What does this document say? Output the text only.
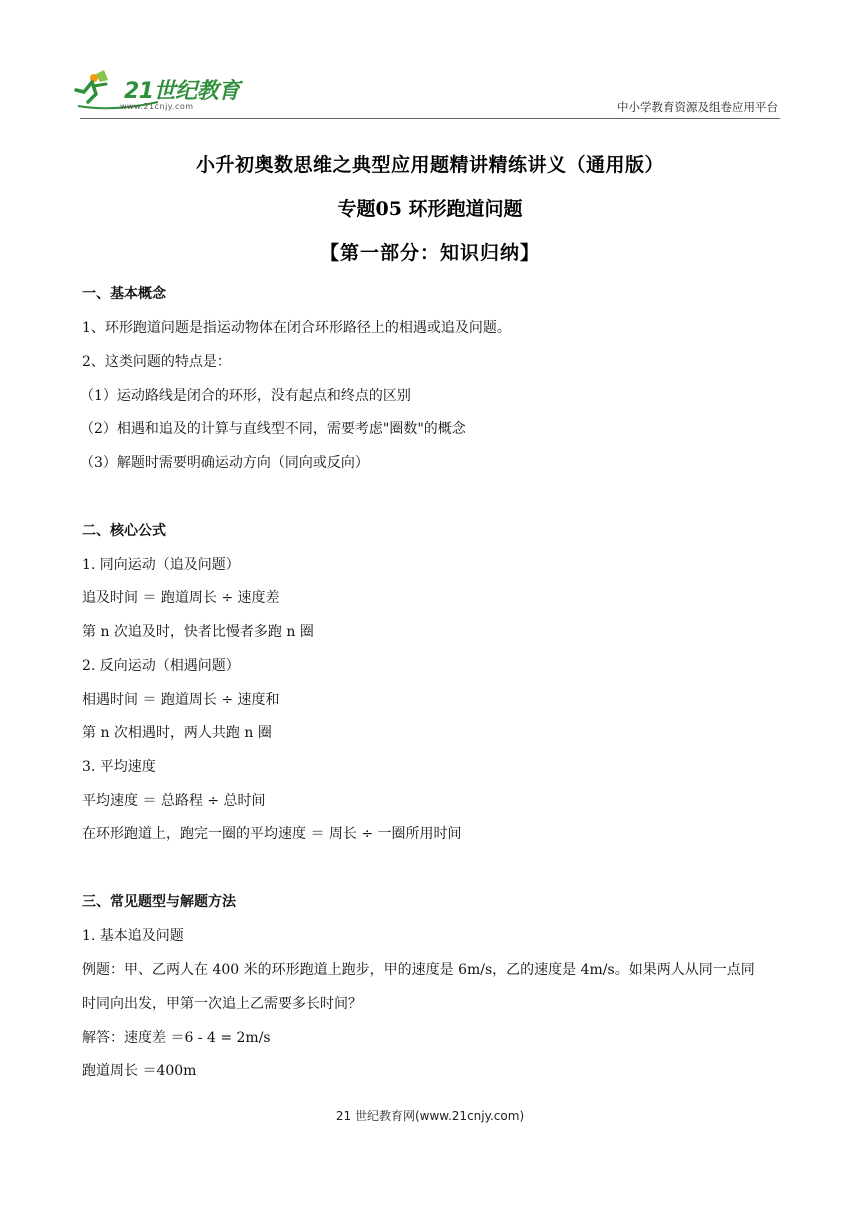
21世纪教育
www.21cnjy.com	中小学教育资源及组卷应用平台
小升初奥数思维之典型应用题精讲精练讲义（通用版）
专题05 环形跑道问题
【第一部分：知识归纳】
一、基本概念
1、环形跑道问题是指运动物体在闭合环形路径上的相遇或追及问题。
2、这类问题的特点是：
（1）运动路线是闭合的环形，没有起点和终点的区别
（2）相遇和追及的计算与直线型不同，需要考虑"圈数"的概念
（3）解题时需要明确运动方向（同向或反向）
二、核心公式
1. 同向运动（追及问题）
追及时间 ＝ 跑道周长 ÷ 速度差
第 n 次追及时，快者比慢者多跑 n 圈
2. 反向运动（相遇问题）
相遇时间 ＝ 跑道周长 ÷ 速度和
第 n 次相遇时，两人共跑 n 圈
3. 平均速度
平均速度 ＝ 总路程 ÷ 总时间
在环形跑道上，跑完一圈的平均速度 ＝ 周长 ÷ 一圈所用时间
三、常见题型与解题方法
1. 基本追及问题
例题：甲、乙两人在 400 米的环形跑道上跑步，甲的速度是 6m/s，乙的速度是 4m/s。如果两人从同一点同
时同向出发，甲第一次追上乙需要多长时间？
解答：速度差 ＝6 - 4 = 2m/s
跑道周长 ＝400m
21 世纪教育网(www.21cnjy.com)
